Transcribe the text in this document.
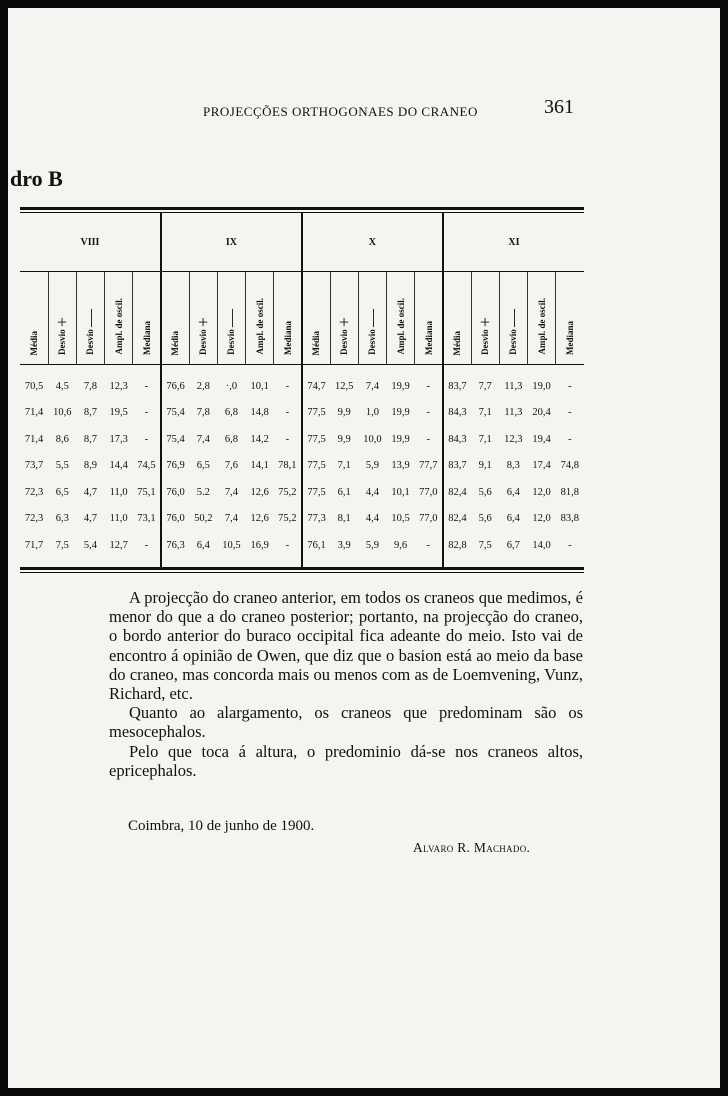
PROJECÇÕES ORTHOGONAES DO CRANEO	361
dro B
VIII					IX					X					XI				
Média	Desvio +	Desvio —	Ampl. de oscil.	Mediana	Média	Desvio +	Desvio —	Ampl. de oscil.	Mediana	Média	Desvio +	Desvio —	Ampl. de oscil.	Mediana	Média	Desvio +	Desvio —	Ampl. de oscil.	Mediana
70,5	4,5	7,8	12,3	-	76,6	2,8	·,0	10,1	-	74,7	12,5	7,4	19,9	-	83,7	7,7	11,3	19,0	-
71,4	10,6	8,7	19,5	-	75,4	7,8	6,8	14,8	-	77,5	9,9	1,0	19,9	-	84,3	7,1	11,3	20,4	-
71,4	8,6	8,7	17,3	-	75,4	7,4	6,8	14,2	-	77,5	9,9	10,0	19,9	-	84,3	7,1	12,3	19,4	-
73,7	5,5	8,9	14,4	74,5	76,9	6,5	7,6	14,1	78,1	77,5	7,1	5,9	13,9	77,7	83,7	9,1	8,3	17,4	74,8
72,3	6,5	4,7	11,0	75,1	76,0	5.2	7,4	12,6	75,2	77,5	6,1	4,4	10,1	77,0	82,4	5,6	6,4	12,0	81,8
72,3	6,3	4,7	11,0	73,1	76,0	50,2	7,4	12,6	75,2	77,3	8,1	4,4	10,5	77,0	82,4	5,6	6,4	12,0	83,8
71,7	7,5	5,4	12,7	-	76,3	6,4	10,5	16,9	-	76,1	3,9	5,9	9,6	-	82,8	7,5	6,7	14,0	-

A projecção do craneo anterior, em todos os craneos que medimos, é menor do que a do craneo posterior; portanto, na projecção do craneo, o bordo anterior do buraco occipital fica adeante do meio. Isto vai de encontro á opinião de Owen, que diz que o basion está ao meio da base do craneo, mas concorda mais ou menos com as de Loemvening, Vunz, Richard, etc.

Quanto ao alargamento, os craneos que predominam são os mesocephalos.

Pelo que toca á altura, o predominio dá-se nos craneos altos, epricephalos.

Coimbra, 10 de junho de 1900.
Alvaro R. Machado.
